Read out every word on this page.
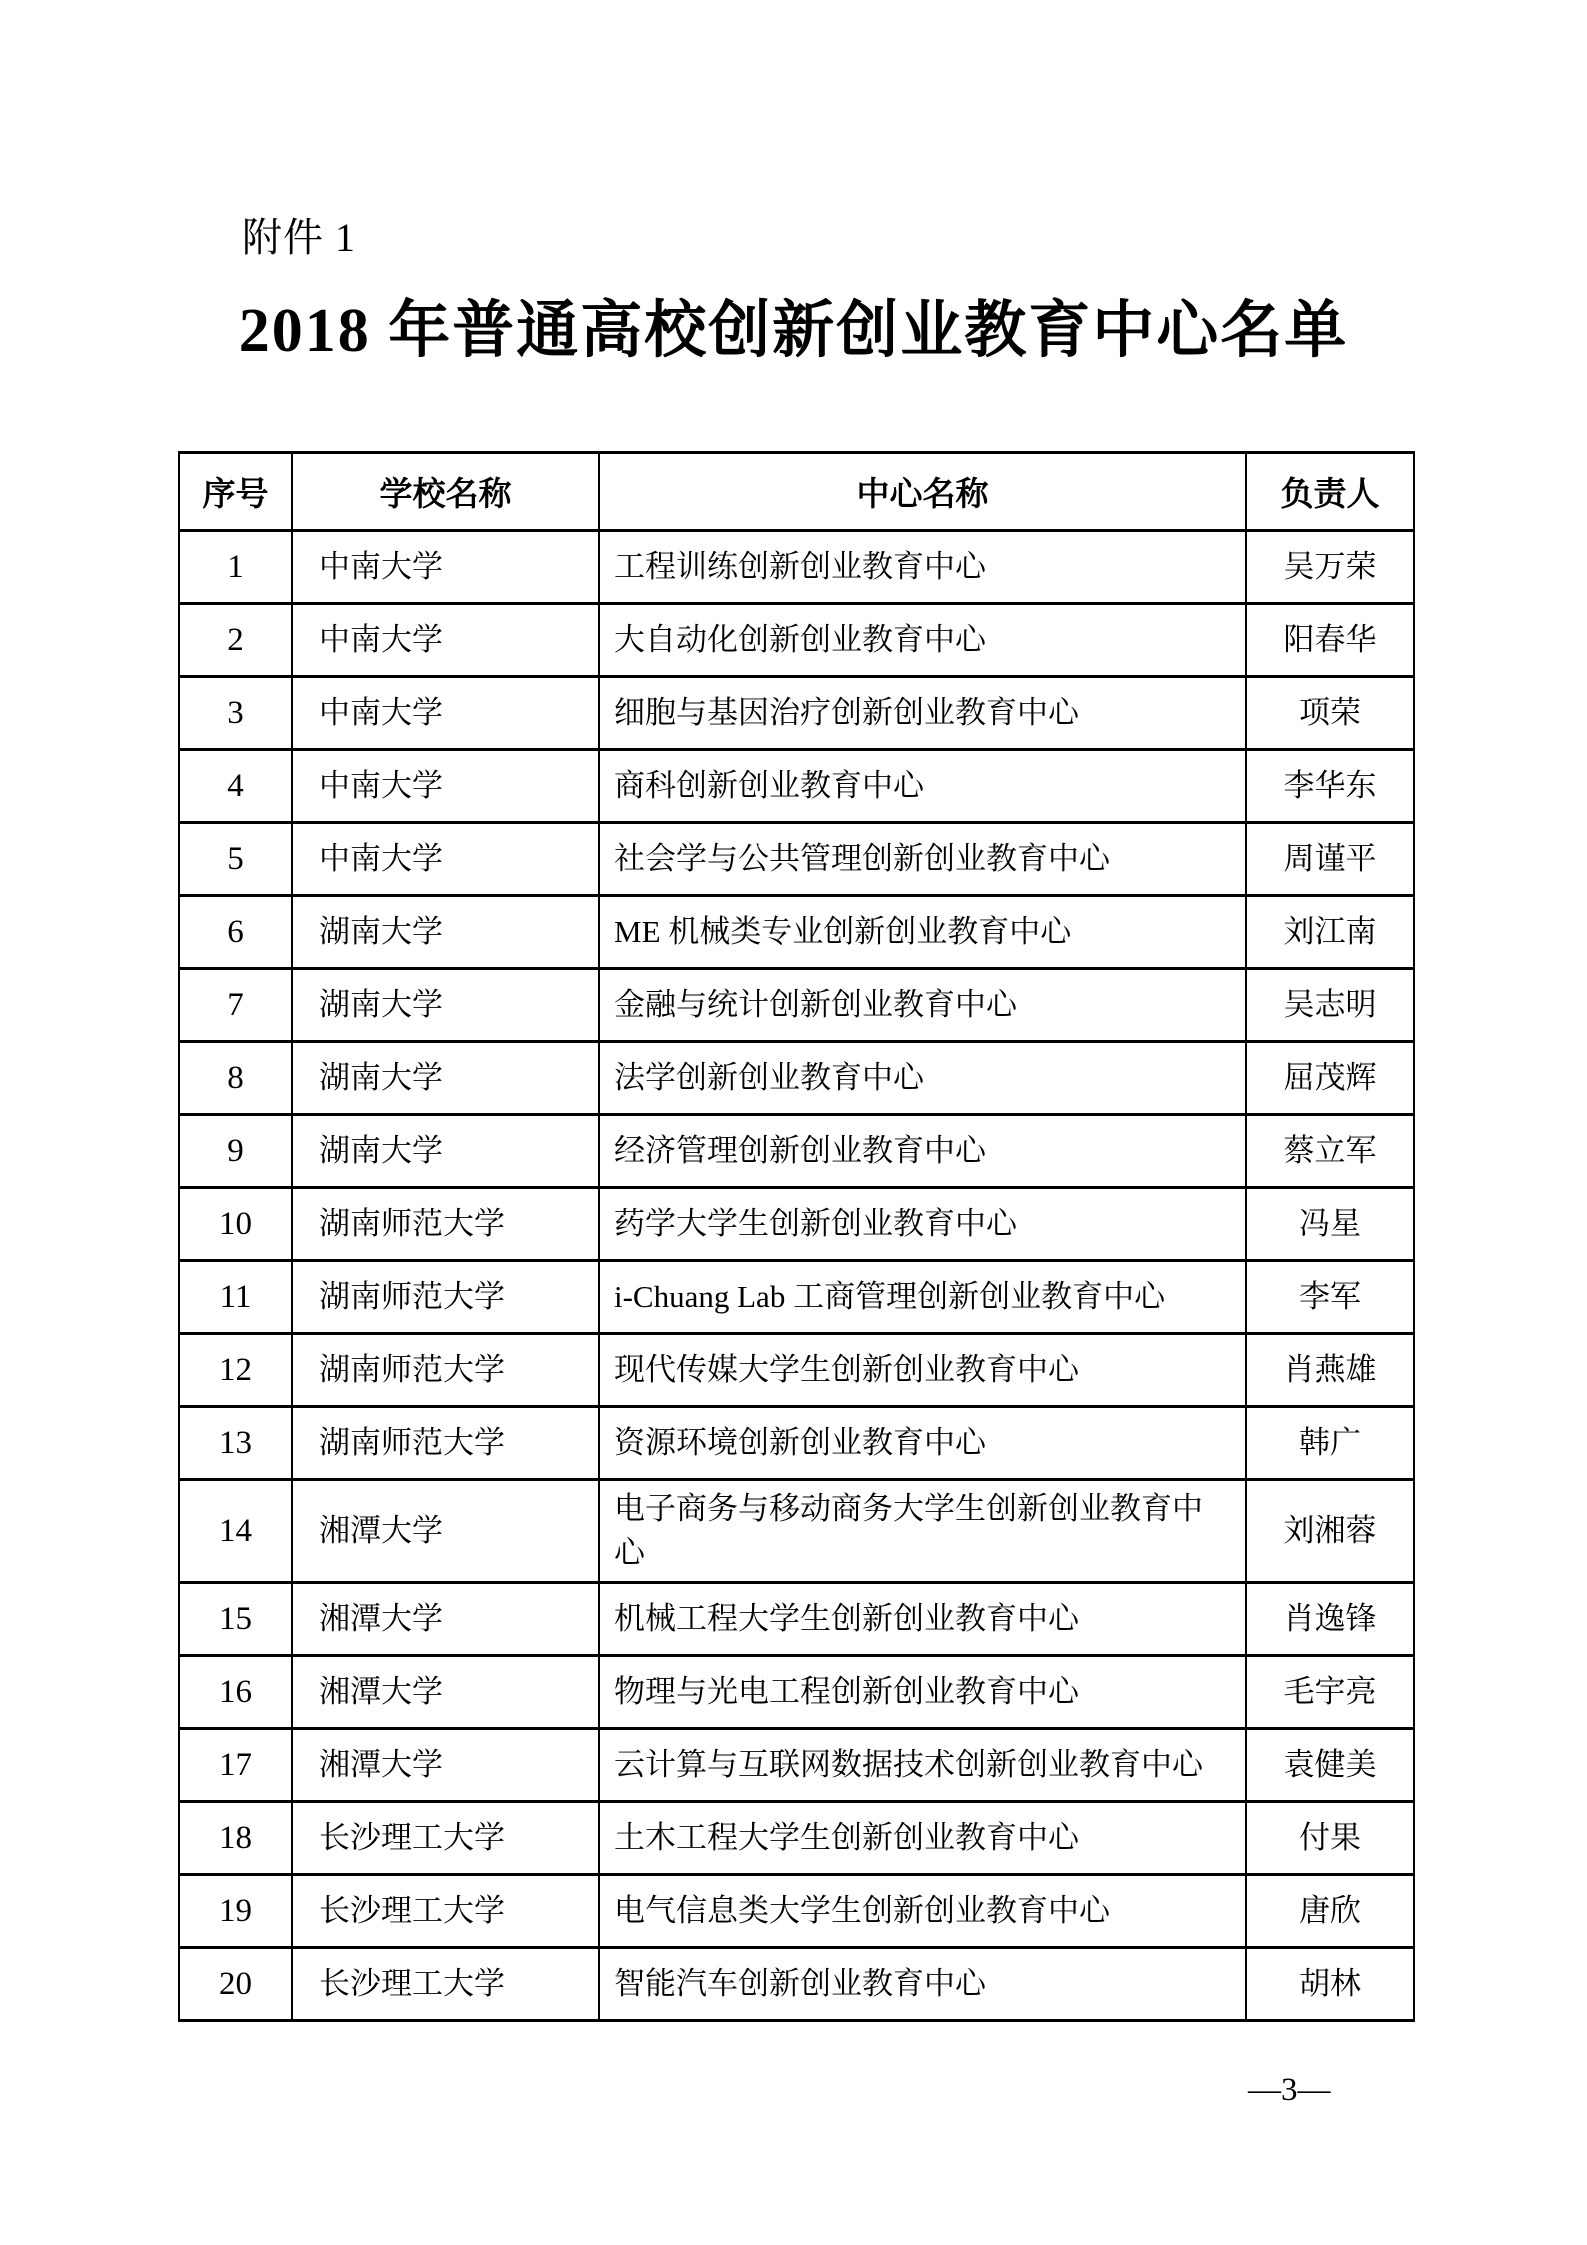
附件 1
2018 年普通高校创新创业教育中心名单
序号	学校名称	中心名称	负责人
1	中南大学	工程训练创新创业教育中心	吴万荣
2	中南大学	大自动化创新创业教育中心	阳春华
3	中南大学	细胞与基因治疗创新创业教育中心	项荣
4	中南大学	商科创新创业教育中心	李华东
5	中南大学	社会学与公共管理创新创业教育中心	周谨平
6	湖南大学	ME 机械类专业创新创业教育中心	刘江南
7	湖南大学	金融与统计创新创业教育中心	吴志明
8	湖南大学	法学创新创业教育中心	屈茂辉
9	湖南大学	经济管理创新创业教育中心	蔡立军
10	湖南师范大学	药学大学生创新创业教育中心	冯星
11	湖南师范大学	i-Chuang Lab 工商管理创新创业教育中心	李军
12	湖南师范大学	现代传媒大学生创新创业教育中心	肖燕雄
13	湖南师范大学	资源环境创新创业教育中心	韩广
14	湘潭大学	电子商务与移动商务大学生创新创业教育中心	刘湘蓉
15	湘潭大学	机械工程大学生创新创业教育中心	肖逸锋
16	湘潭大学	物理与光电工程创新创业教育中心	毛宇亮
17	湘潭大学	云计算与互联网数据技术创新创业教育中心	袁健美
18	长沙理工大学	土木工程大学生创新创业教育中心	付果
19	长沙理工大学	电气信息类大学生创新创业教育中心	唐欣
20	长沙理工大学	智能汽车创新创业教育中心	胡林
—3—
